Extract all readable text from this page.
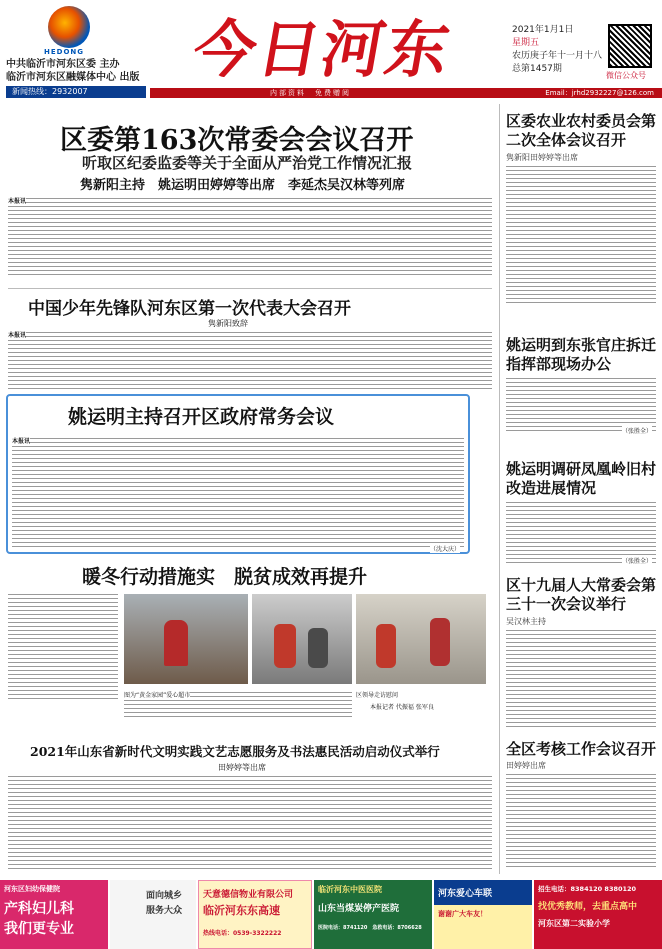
HEDONG
中共临沂市河东区委 主办
临沂市河东区融媒体中心 出版
新闻热线：2932007
今日河东	2021年1月1日
星期五
农历庚子年十一月十八
总第1457期
微信公众号
内部资料　免费赠阅	Email：jrhd2932227@126.com
区委第163次常委会会议召开
听取区纪委监委等关于全面从严治党工作情况汇报
隽新阳主持　姚运明田婷婷等出席　李延杰吴汉林等列席
本报讯
中国少年先锋队河东区第一次代表大会召开
隽新阳致辞
本报讯
姚运明主持召开区政府常务会议
本报讯
（沈大庆）
暖冬行动措施实　脱贫成效再提升
图为“黄金家园”爱心超市	区领导走访慰问
本报记者 代振福 张军良
2021年山东省新时代文明实践文艺志愿服务及书法惠民活动启动仪式举行
田婷婷等出席
区委农业农村委员会第二次全体会议召开
隽新阳田婷婷等出席
姚运明到东张官庄拆迁指挥部现场办公
（张胜全）
姚运明调研凤凰岭旧村改造进展情况
（张胜全）
区十九届人大常委会第三十一次会议举行
吴汉林主持
全区考核工作会议召开
田婷婷出席
河东区妇幼保健院
产科妇儿科
我们更专业
面向城乡
服务大众
天意德信物业有限公司
临沂河东东高速
热线电话：0539-3322222
临沂河东中医医院
山东当煤炭停产医院
医院电话：8741120　急救电话：8706628
河东爱心车联
谢谢广大车友！
招生电话：8384120 8380120
找优秀教师，去重点高中
河东区第二实验小学
